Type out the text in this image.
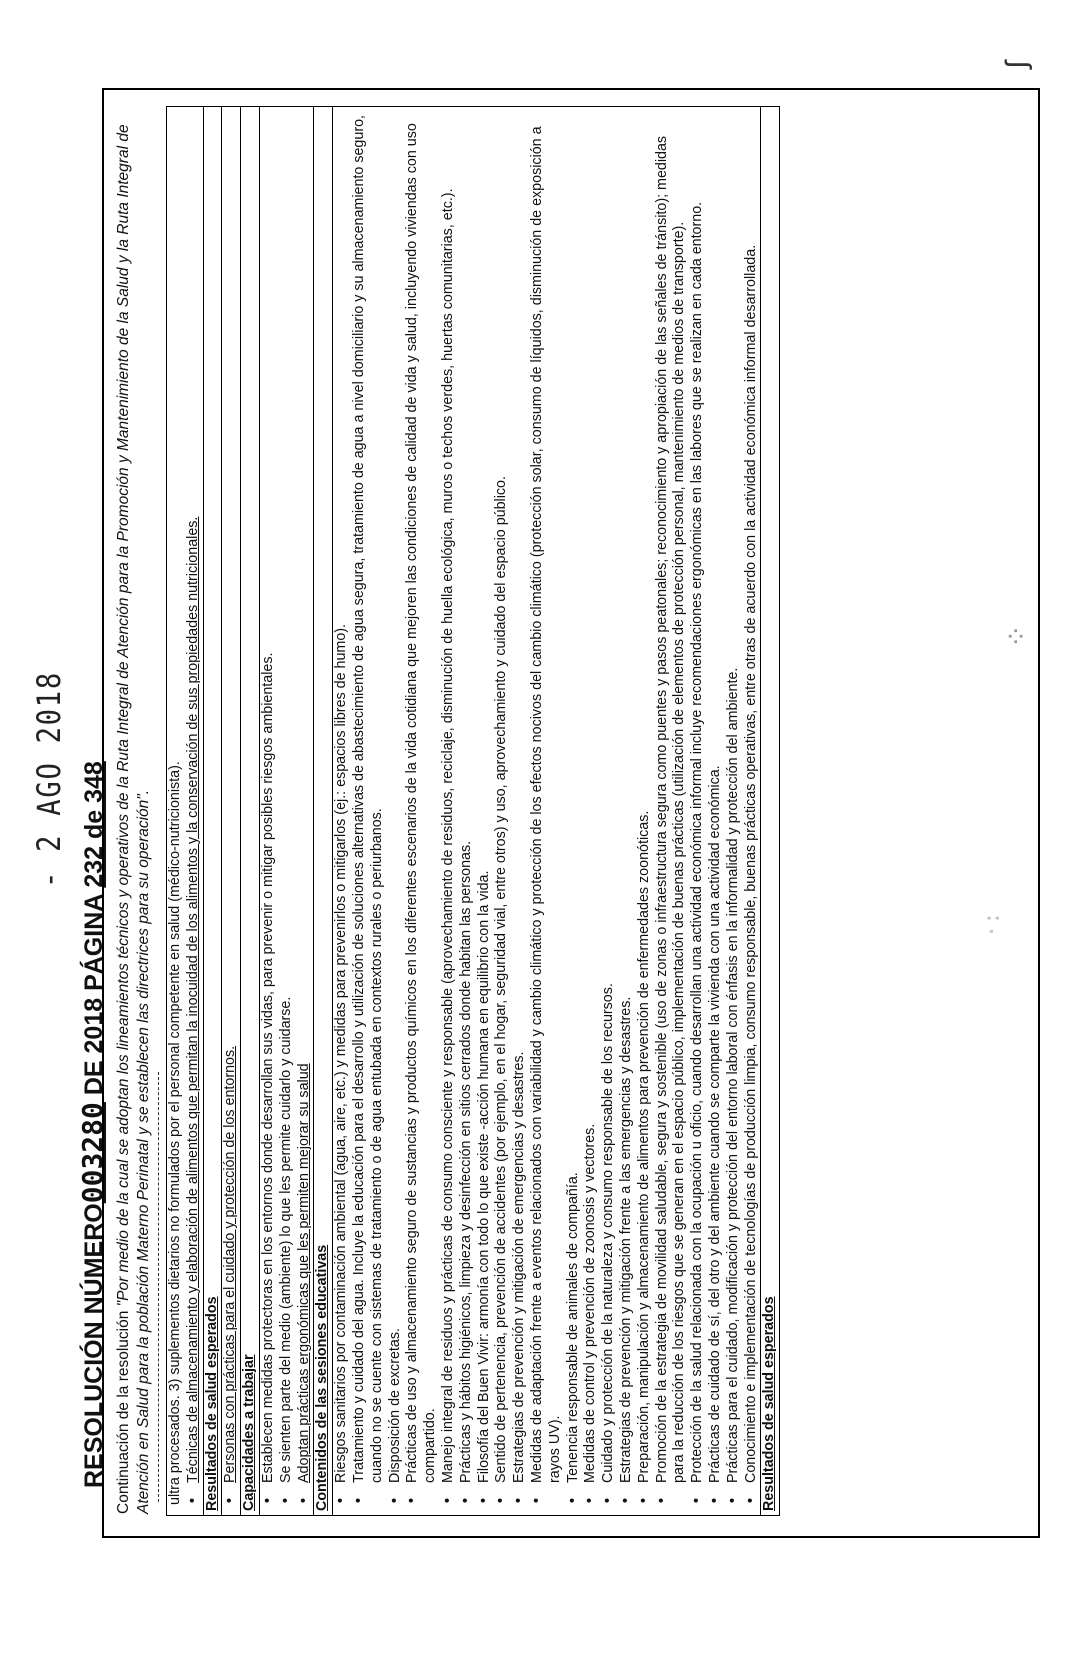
- 2 AGO 2018
RESOLUCIÓN NÚMERO003280 DE 2018 PÁGINA 232 de 348
Continuación de la resolución "Por medio de la cual se adoptan los lineamientos técnicos y operativos de la Ruta Integral de Atención para la Promoción y Mantenimiento de la Salud y la Ruta Integral de Atención en Salud para la población Materno Perinatal y se establecen las directrices para su operación". ultra procesados. 3) suplementos dietarios no formulados por el personal competente en salud (médico-nutricionista). • Técnicas de almacenamiento y elaboración de alimentos que permitan la inocuidad de los alimentos y la conservación de sus propiedades nutricionales.

Resultados de salud esperados

• Personas con prácticas para el cuidado y protección de los entornos.

Capacidades a trabajar

• Establecen medidas protectoras en los entornos donde desarrollan sus vidas, para prevenir o mitigar posibles riesgos ambientales. • Se sienten parte del medio (ambiente) lo que les permite cuidarlo y cuidarse. • Adoptan prácticas ergonómicas que les permiten mejorar su salud

Contenidos de las sesiones educativas

• Riesgos sanitarios por contaminación ambiental (agua, aire, etc.) y medidas para prevenirlos o mitigarlos (ej.: espacios libres de humo). • Tratamiento y cuidado del agua. Incluye la educación para el desarrollo y utilización de soluciones alternativas de abastecimiento de agua segura, tratamiento de agua a nivel domiciliario y su almacenamiento seguro, cuando no se cuente con sistemas de tratamiento o de agua entubada en contextos rurales o periurbanos. • Disposición de excretas. • Prácticas de uso y almacenamiento seguro de sustancias y productos químicos en los diferentes escenarios de la vida cotidiana que mejoren las condiciones de calidad de vida y salud, incluyendo viviendas con uso compartido. • Manejo integral de residuos y prácticas de consumo consciente y responsable (aprovechamiento de residuos, reciclaje, disminución de huella ecológica, muros o techos verdes, huertas comunitarias, etc.). • Prácticas y hábitos higiénicos, limpieza y desinfección en sitios cerrados donde habitan las personas. • Filosofía del Buen Vivir: armonía con todo lo que existe -acción humana en equilibrio con la vida. • Sentido de pertenencia, prevención de accidentes (por ejemplo, en el hogar, seguridad vial, entre otros) y uso, aprovechamiento y cuidado del espacio público. • Estrategias de prevención y mitigación de emergencias y desastres. • Medidas de adaptación frente a eventos relacionados con variabilidad y cambio climático y protección de los efectos nocivos del cambio climático (protección solar, consumo de líquidos, disminución de exposición a rayos UV). • Tenencia responsable de animales de compañía. • Medidas de control y prevención de zoonosis y vectores. • Cuidado y protección de la naturaleza y consumo responsable de los recursos. • Estrategias de prevención y mitigación frente a las emergencias y desastres. • Preparación, manipulación y almacenamiento de alimentos para prevención de enfermedades zoonóticas. • Promoción de la estrategia de movilidad saludable, segura y sostenible (uso de zonas o infraestructura segura como puentes y pasos peatonales; reconocimiento y apropiación de las señales de tránsito); medidas para la reducción de los riesgos que se generan en el espacio público, implementación de buenas prácticas (utilización de elementos de protección personal, mantenimiento de medios de transporte). • Protección de la salud relacionada con la ocupación u oficio, cuando desarrollan una actividad económica informal incluye recomendaciones ergonómicas en las labores que se realizan en cada entorno. • Prácticas de cuidado de sí, del otro y del ambiente cuando se comparte la vivienda con una actividad económica. • Prácticas para el cuidado, modificación y protección del entorno laboral con énfasis en la informalidad y protección del ambiente. • Conocimiento e implementación de tecnologías de producción limpia, consumo responsable, buenas prácticas operativas, entre otras de acuerdo con la actividad económica informal desarrollada.

Resultados de salud esperados
⁘
·:
ʃ
